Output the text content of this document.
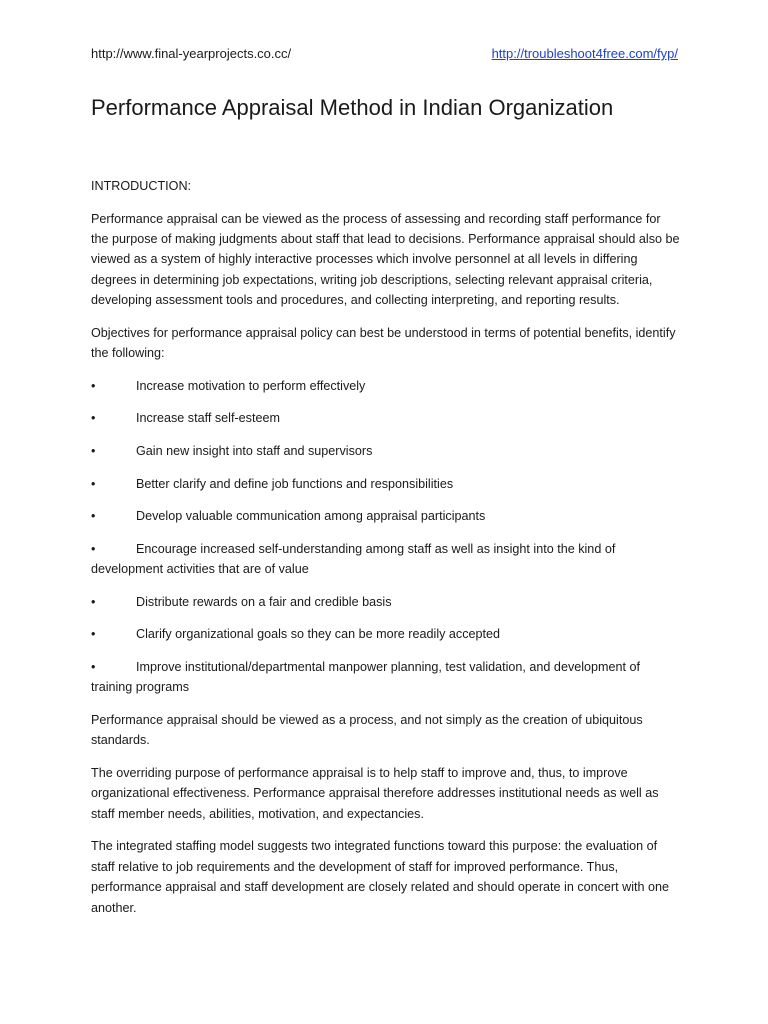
http://www.final-yearprojects.co.cc/	http://troubleshoot4free.com/fyp/
Performance Appraisal Method in Indian Organization

INTRODUCTION:

Performance appraisal can be viewed as the process of assessing and recording staff performance for the purpose of making judgments about staff that lead to decisions. Performance appraisal should also be viewed as a system of highly interactive processes which involve personnel at all levels in differing degrees in determining job expectations, writing job descriptions, selecting relevant appraisal criteria, developing assessment tools and procedures, and collecting interpreting, and reporting results.

Objectives for performance appraisal policy can best be understood in terms of potential benefits, identify the following:

•	Increase motivation to perform effectively
•	Increase staff self-esteem
•	Gain new insight into staff and supervisors
•	Better clarify and define job functions and responsibilities
•	Develop valuable communication among appraisal participants
•	Encourage increased self-understanding among staff as well as insight into the kind of development activities that are of value
•	Distribute rewards on a fair and credible basis
•	Clarify organizational goals so they can be more readily accepted
•	Improve institutional/departmental manpower planning, test validation, and development of training programs

Performance appraisal should be viewed as a process, and not simply as the creation of ubiquitous standards.

The overriding purpose of performance appraisal is to help staff to improve and, thus, to improve organizational effectiveness. Performance appraisal therefore addresses institutional needs as well as staff member needs, abilities, motivation, and expectancies.

The integrated staffing model suggests two integrated functions toward this purpose: the evaluation of staff relative to job requirements and the development of staff for improved performance. Thus, performance appraisal and staff development are closely related and should operate in concert with one another.
